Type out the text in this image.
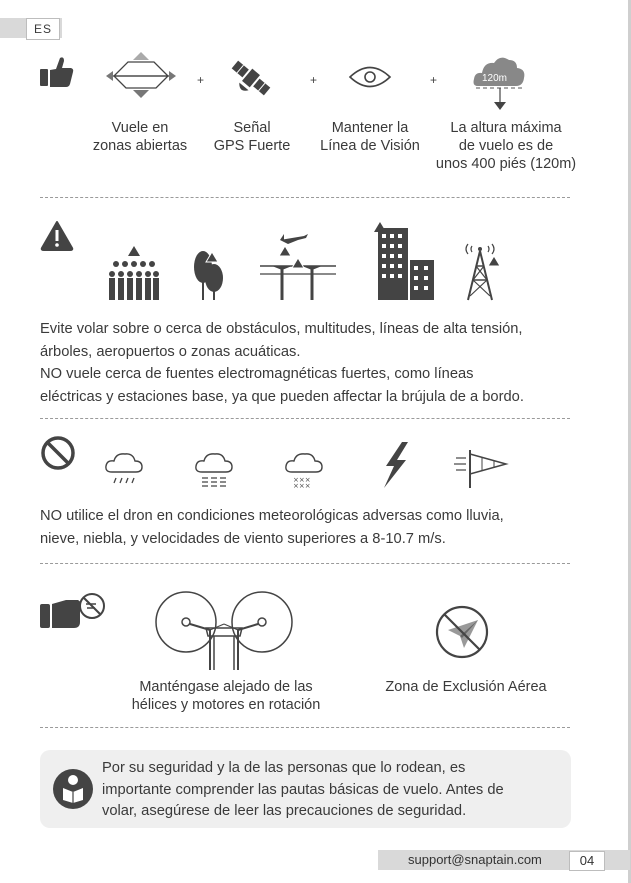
ES
+	+	+	120m
Vuele en
zonas abiertas
Señal
GPS Fuerte
Mantener la
Línea de Visión
La altura máxima
de vuelo es de
unos 400 piés (120m)
Evite volar sobre o cerca de obstáculos, multitudes, líneas de alta tensión,
árboles, aeropuertos o zonas acuáticas.
NO vuele cerca de fuentes electromagnéticas fuertes, como líneas
eléctricas y estaciones base, ya que pueden affectar la brújula de a bordo.
×××
×××
NO utilice el dron en condiciones meteorológicas adversas como lluvia,
nieve, niebla, y velocidades de viento superiores a 8-10.7 m/s.
Manténgase alejado de las
hélices y motores en rotación
Zona de Exclusión Aérea
Por su seguridad y la de las personas que lo rodean, es
importante comprender las pautas básicas de vuelo. Antes de
volar, asegúrese de leer las precauciones de seguridad.
support@snaptain.com	04
